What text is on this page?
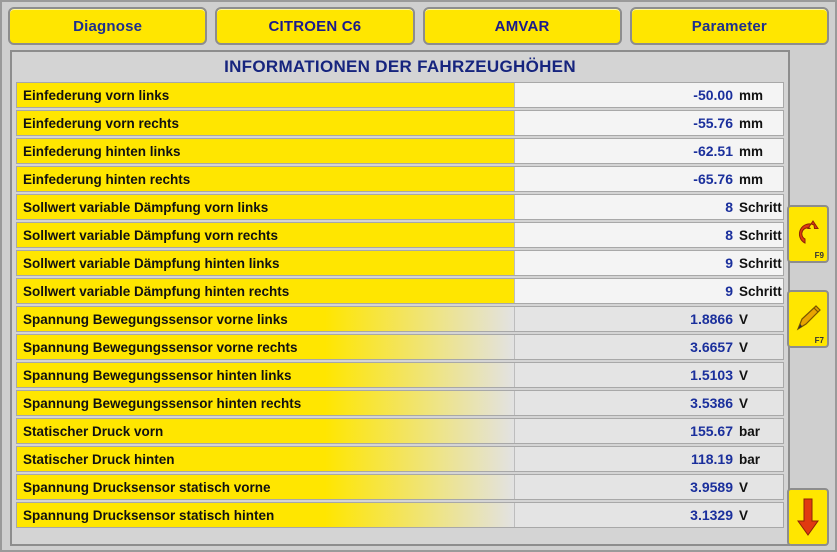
Diagnose	CITROEN C6	AMVAR	Parameter
INFORMATIONEN DER FAHRZEUGHÖHEN
Einfederung vorn links	-50.00 mm
Einfederung vorn rechts	-55.76 mm
Einfederung hinten links	-62.51 mm
Einfederung hinten rechts	-65.76 mm
Sollwert variable Dämpfung vorn links	8 Schritt
Sollwert variable Dämpfung vorn rechts	8 Schritt
Sollwert variable Dämpfung hinten links	9 Schritt
Sollwert variable Dämpfung hinten rechts	9 Schritt
Spannung Bewegungssensor vorne links	1.8866 V
Spannung Bewegungssensor vorne rechts	3.6657 V
Spannung Bewegungssensor hinten links	1.5103 V
Spannung Bewegungssensor hinten rechts	3.5386 V
Statischer Druck vorn	155.67 bar
Statischer Druck hinten	118.19 bar
Spannung Drucksensor statisch vorne	3.9589 V
Spannung Drucksensor statisch hinten	3.1329 V
F9
F7
